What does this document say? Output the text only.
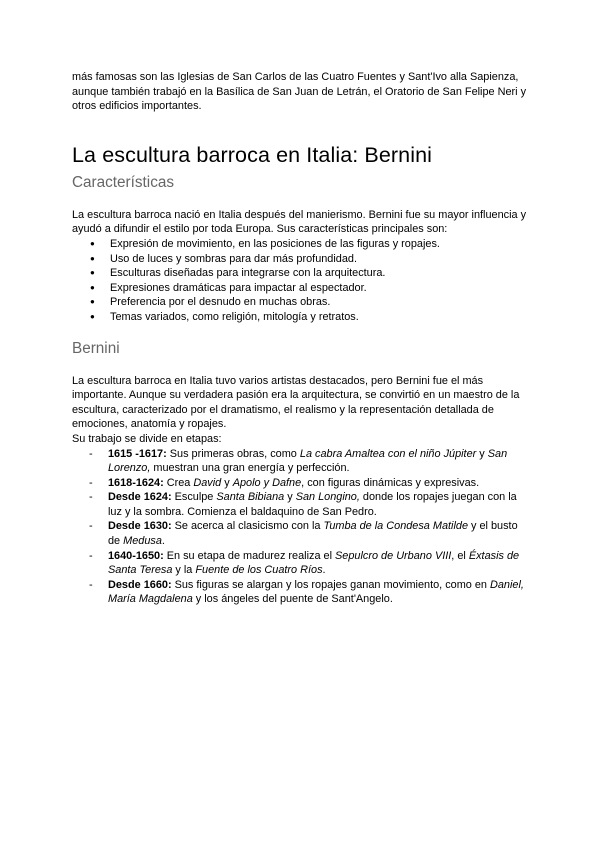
más famosas son las Iglesias de San Carlos de las Cuatro Fuentes y Sant'Ivo alla Sapienza, aunque también trabajó en la Basílica de San Juan de Letrán, el Oratorio de San Felipe Neri y otros edificios importantes.

La escultura barroca en Italia: Bernini
Características

La escultura barroca nació en Italia después del manierismo. Bernini fue su mayor influencia y ayudó a difundir el estilo por toda Europa. Sus características principales son:

● Expresión de movimiento, en las posiciones de las figuras y ropajes.
● Uso de luces y sombras para dar más profundidad.
● Esculturas diseñadas para integrarse con la arquitectura.
● Expresiones dramáticas para impactar al espectador.
● Preferencia por el desnudo en muchas obras.
● Temas variados, como religión, mitología y retratos.
Bernini

La escultura barroca en Italia tuvo varios artistas destacados, pero Bernini fue el más importante. Aunque su verdadera pasión era la arquitectura, se convirtió en un maestro de la escultura, caracterizado por el dramatismo, el realismo y la representación detallada de emociones, anatomía y ropajes.

Su trabajo se divide en etapas:

- 1615 -1617: Sus primeras obras, como La cabra Amaltea con el niño Júpiter y San Lorenzo, muestran una gran energía y perfección.
- 1618-1624: Crea David y Apolo y Dafne, con figuras dinámicas y expresivas.
- Desde 1624: Esculpe Santa Bibiana y San Longino, donde los ropajes juegan con la luz y la sombra. Comienza el baldaquino de San Pedro.
- Desde 1630: Se acerca al clasicismo con la Tumba de la Condesa Matilde y el busto de Medusa.
- 1640-1650: En su etapa de madurez realiza el Sepulcro de Urbano VIII, el Éxtasis de Santa Teresa y la Fuente de los Cuatro Ríos.
- Desde 1660: Sus figuras se alargan y los ropajes ganan movimiento, como en Daniel, María Magdalena y los ángeles del puente de Sant'Angelo.
